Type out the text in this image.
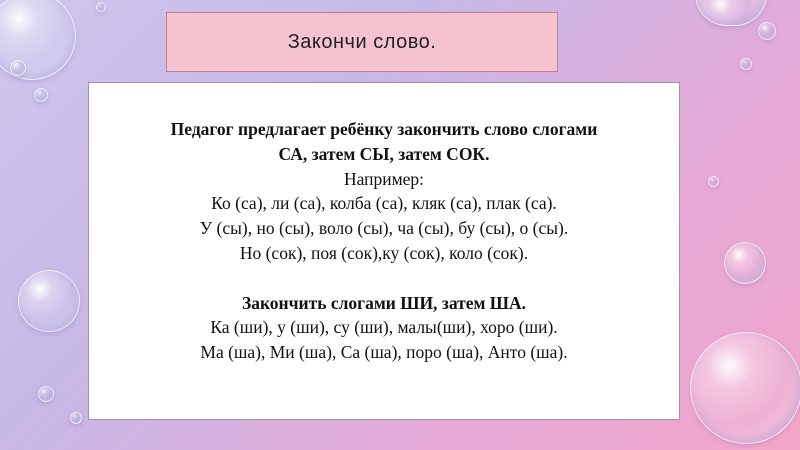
Закончи слово.
Педагог предлагает ребёнку закончить слово слогами
СА, затем СЫ, затем СОК.
Например:
Ко (са), ли (са), колба (са), кляк (са), плак (са).
У (сы), но (сы), воло (сы), ча (сы), бу (сы), о (сы).
Но (сок), поя (сок),ку (сок), коло (сок).
Закончить слогами ШИ, затем ША.
Ка (ши), у (ши), су (ши), малы(ши), хоро (ши).
Ма (ша), Ми (ша), Са (ша), поро (ша), Анто (ша).
